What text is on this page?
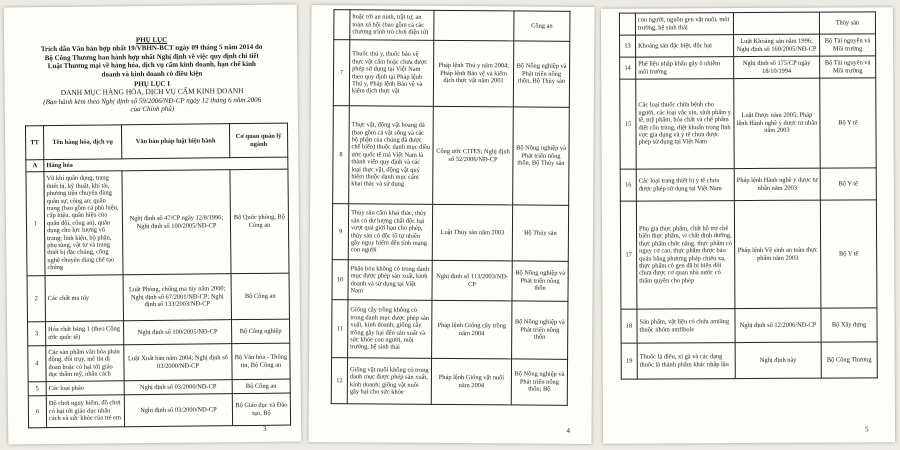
PHỤ LỤC
Trích dẫn Văn bản hợp nhất 19/VBHN-BCT ngày 09 tháng 5 năm 2014 do
Bộ Công Thương ban hành hợp nhất Nghị định về việc quy định chi tiết
Luật Thương mại về hàng hóa, dịch vụ cấm kinh doanh, hạn chế kinh
doanh và kinh doanh có điều kiện
PHỤ LỤC I
DANH MỤC HÀNG HÓA, DỊCH VỤ CẤM KINH DOANH
(Ban hành kèm theo Nghị định số 59/2006/NĐ-CP ngày 12 tháng 6 năm 2006
của Chính phủ)
TT	Tên hàng hóa, dịch vụ	Văn bản pháp luật hiện hành	Cơ quan quản lý ngành
A	Hàng hóa		
1	Vũ khí quân dụng, trang thiết bị, kỹ thuật, khí tài, phương tiện chuyên dùng quân sự, công an; quân trang (bao gồm cả phù hiệu, cấp hiệu, quân hiệu của quân đội, công an), quân dụng cho lực lượng vũ trang; linh kiện, bộ phận, phụ tùng, vật tư và trang thiết bị đặc chủng, công nghệ chuyên dùng chế tạo chúng	Nghị định số 47/CP ngày 12/8/1996; Nghị định số 100/2005/NĐ-CP	Bộ Quốc phòng, Bộ Công an
2	Các chất ma túy	Luật Phòng, chống ma túy năm 2000; Nghị định số 67/2001/NĐ-CP; Nghị định số 133/2003/NĐ-CP	Bộ Công an
3	Hóa chất bảng 1 (theo Công ước quốc tế)	Nghị định số 100/2005/NĐ-CP	Bộ Công nghiệp
4	Các sản phẩm văn hóa phản động, đồi trụy, mê tín dị đoan hoặc có hại tới giáo dục thẩm mỹ, nhân cách	Luật Xuất bản năm 2004; Nghị định số 03/2000/NĐ-CP	Bộ Văn hóa - Thông tin, Bộ Công an
5	Các loại pháo	Nghị định số 03/2000/NĐ-CP	Bộ Công an
6	Đồ chơi nguy hiểm, đồ chơi có hại tới giáo dục nhân cách và sức khỏe của trẻ em	Nghị định số 03/2000/NĐ-CP	Bộ Giáo dục và Đào tạo, Bộ
3
	hoặc tới an ninh, trật tự, an toàn xã hội (bao gồm cả các chương trình trò chơi điện tử)		Công an
7	Thuốc thú y, thuốc bảo vệ thực vật cấm hoặc chưa được phép sử dụng tại Việt Nam theo quy định tại Pháp lệnh Thú y, Pháp lệnh Bảo vệ và kiểm dịch thực vật	Pháp lệnh Thú y năm 2004; Pháp lệnh Bảo vệ và kiểm dịch thực vật năm 2001	Bộ Nông nghiệp và Phát triển nông thôn, Bộ Thủy sản
8	Thực vật, động vật hoang dã (bao gồm cả vật sống và các bộ phận của chúng đã được chế biến) thuộc danh mục điều ước quốc tế mà Việt Nam là thành viên quy định và các loại thực vật, động vật quý hiếm thuộc danh mục cấm khai thác và sử dụng	Công ước CITES; Nghị định số 32/2006/NĐ-CP	Bộ Nông nghiệp và Phát triển nông thôn, Bộ Thủy sản
9	Thủy sản cấm khai thác, thủy sản có dư lượng chất độc hại vượt quá giới hạn cho phép, thủy sản có độc tố tự nhiên gây nguy hiểm đến tính mạng con người	Luật Thủy sản năm 2003	Bộ Thủy sản
10	Phân bón không có trong danh mục được phép sản xuất, kinh doanh và sử dụng tại Việt Nam	Nghị định số 113/2003/NĐ-CP	Bộ Nông nghiệp và Phát triển nông thôn
11	Giống cây trồng không có trong danh mục được phép sản xuất, kinh doanh; giống cây trồng gây hại đến sản xuất và sức khỏe con người, môi trường, hệ sinh thái	Pháp lệnh Giống cây trồng năm 2004	Bộ Nông nghiệp và Phát triển nông thôn
12	Giống vật nuôi không có trong danh mục được phép sản xuất, kinh doanh; giống vật nuôi gây hại cho sức khỏe	Pháp lệnh Giống vật nuôi năm 2004	Bộ Nông nghiệp và Phát triển nông thôn; Bộ
4
	con người, nguồn gen vật nuôi, môi trường, hệ sinh thái		Thủy sản
13	Khoáng sản đặc biệt, độc hại	Luật Khoáng sản năm 1996; Nghị định số 160/2005/NĐ-CP	Bộ Tài nguyên và Môi trường
14	Phế liệu nhập khẩu gây ô nhiễm môi trường	Nghị định số 175/CP ngày 18/10/1994	Bộ Tài nguyên và Môi trường
15	Các loại thuốc chữa bệnh cho người, các loại vắc xin, sinh phẩm y tế, mỹ phẩm, hóa chất và chế phẩm diệt côn trùng, diệt khuẩn trong lĩnh vực gia dụng và y tế chưa được phép sử dụng tại Việt Nam	Luật Dược năm 2005; Pháp lệnh Hành nghề y dược tư nhân năm 2003	Bộ Y tế
16	Các loại trang thiết bị y tế chưa được phép sử dụng tại Việt Nam	Pháp lệnh Hành nghề y dược tư nhân năm 2003	Bộ Y tế
17	Phụ gia thực phẩm, chất hỗ trợ chế biến thực phẩm, vi chất dinh dưỡng, thực phẩm chức năng, thực phẩm có nguy cơ cao, thực phẩm được bảo quản bằng phương pháp chiếu xạ, thực phẩm có gen đã bị biến đổi chưa được cơ quan nhà nước có thẩm quyền cho phép	Pháp lệnh Vệ sinh an toàn thực phẩm năm 2003	Bộ Y tế
18	Sản phẩm, vật liệu có chứa amiăng thuộc nhóm amfibole	Nghị định số 12/2006/NĐ-CP	Bộ Xây dựng
19	Thuốc lá điếu, xì gà và các dạng thuốc lá thành phẩm khác nhập lậu	Nghị định này	Bộ Công Thương
5
